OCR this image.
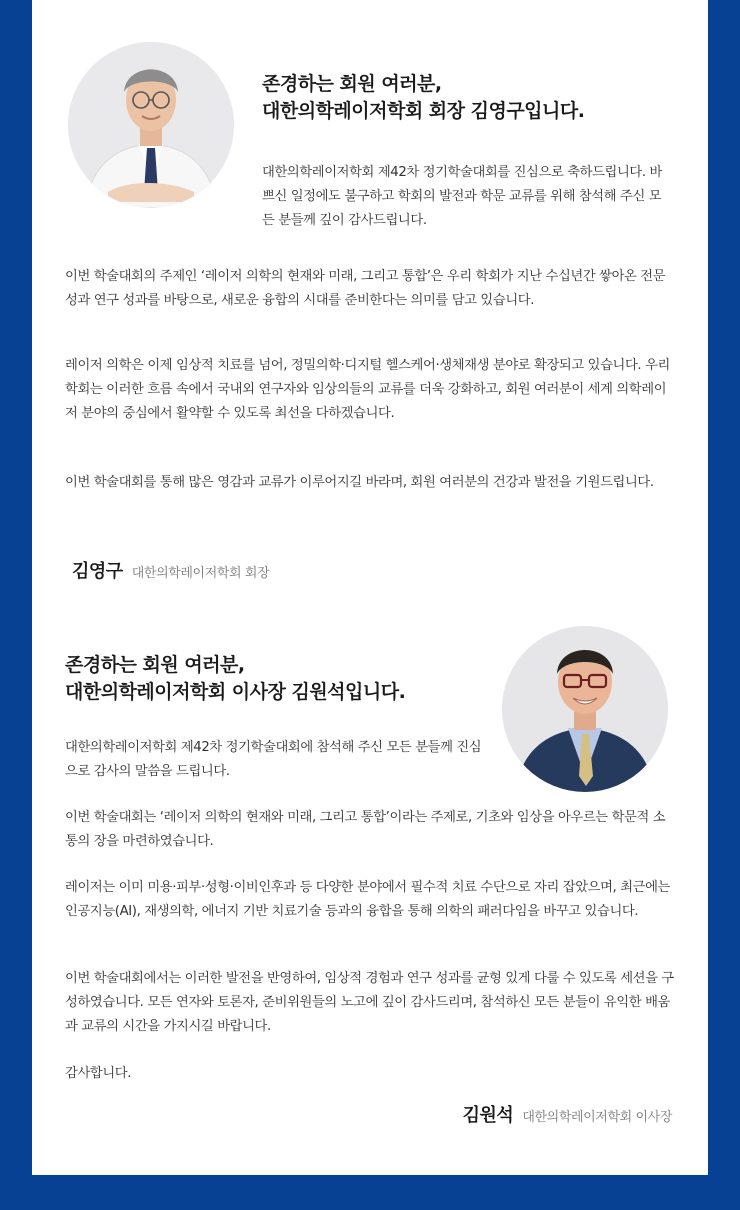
존경하는 회원 여러분,
대한의학레이저학회 회장 김영구입니다.

대한의학레이저학회 제42차 정기학술대회를 진심으로 축하드립니다. 바쁘신 일정에도 불구하고 학회의 발전과 학문 교류를 위해 참석해 주신 모든 분들께 깊이 감사드립니다.

이번 학술대회의 주제인 ‘레이저 의학의 현재와 미래, 그리고 통합’은 우리 학회가 지난 수십년간 쌓아온 전문성과 연구 성과를 바탕으로, 새로운 융합의 시대를 준비한다는 의미를 담고 있습니다.

레이저 의학은 이제 임상적 치료를 넘어, 정밀의학·디지털 헬스케어·생체재생 분야로 확장되고 있습니다. 우리 학회는 이러한 흐름 속에서 국내외 연구자와 임상의들의 교류를 더욱 강화하고, 회원 여러분이 세계 의학레이저 분야의 중심에서 활약할 수 있도록 최선을 다하겠습니다.

이번 학술대회를 통해 많은 영감과 교류가 이루어지길 바라며, 회원 여러분의 건강과 발전을 기원드립니다.

김영구 대한의학레이저학회 회장
존경하는 회원 여러분,
대한의학레이저학회 이사장 김원석입니다.

대한의학레이저학회 제42차 정기학술대회에 참석해 주신 모든 분들께 진심으로 감사의 말씀을 드립니다.

이번 학술대회는 ‘레이저 의학의 현재와 미래, 그리고 통합’이라는 주제로, 기초와 임상을 아우르는 학문적 소통의 장을 마련하였습니다.

레이저는 이미 미용·피부·성형·이비인후과 등 다양한 분야에서 필수적 치료 수단으로 자리 잡았으며, 최근에는 인공지능(AI), 재생의학, 에너지 기반 치료기술 등과의 융합을 통해 의학의 패러다임을 바꾸고 있습니다.

이번 학술대회에서는 이러한 발전을 반영하여, 임상적 경험과 연구 성과를 균형 있게 다룰 수 있도록 세션을 구성하였습니다. 모든 연자와 토론자, 준비위원들의 노고에 깊이 감사드리며, 참석하신 모든 분들이 유익한 배움과 교류의 시간을 가지시길 바랍니다.

감사합니다.

김원석 대한의학레이저학회 이사장
